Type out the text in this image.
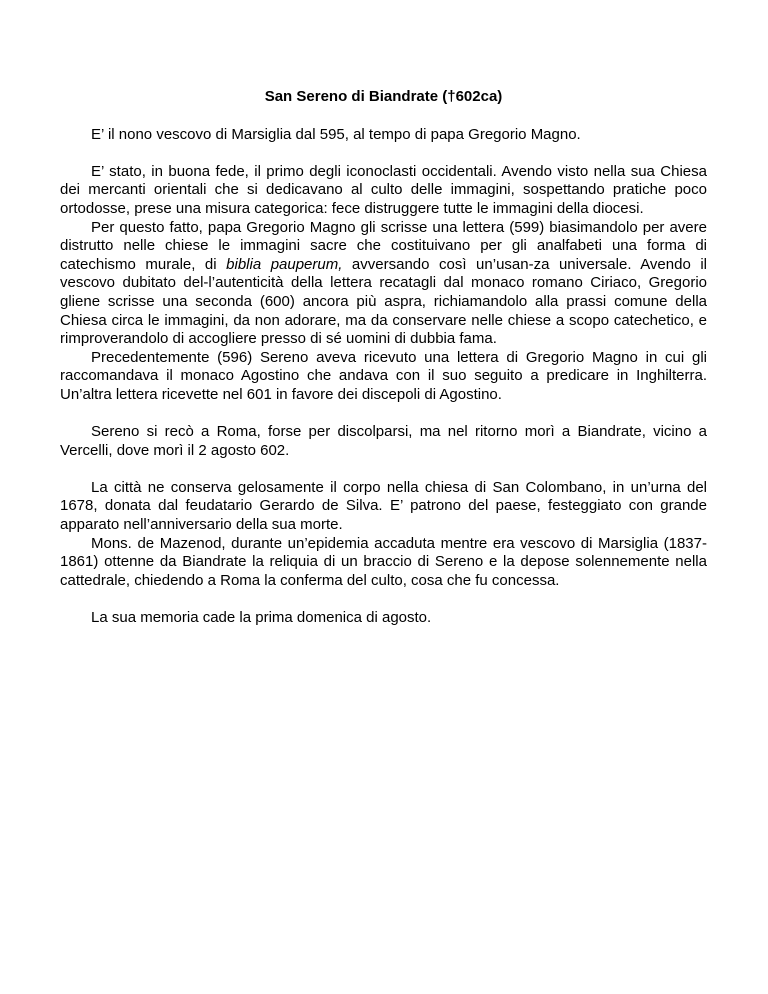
San Sereno di Biandrate (†602ca)

E’ il nono vescovo di Marsiglia dal 595, al tempo di papa Gregorio Magno.

E’ stato, in buona fede, il primo degli iconoclasti occidentali. Avendo visto nella sua Chiesa dei mercanti orientali che si dedicavano al culto delle immagini, sospettando pratiche poco ortodosse, prese una misura categorica: fece distruggere tutte le immagini della diocesi.

Per questo fatto, papa Gregorio Magno gli scrisse una lettera (599) biasimandolo per avere distrutto nelle chiese le immagini sacre che costituivano per gli analfabeti una forma di catechismo murale, di biblia pauperum, avversando così un’usan-za universale. Avendo il vescovo dubitato del-l’autenticità della lettera recatagli dal monaco romano Ciriaco, Gregorio gliene scrisse una seconda (600) ancora più aspra, richiamandolo alla prassi comune della Chiesa circa le immagini, da non adorare, ma da conservare nelle chiese a scopo catechetico, e rimproverandolo di accogliere presso di sé uomini di dubbia fama.

Precedentemente (596) Sereno aveva ricevuto una lettera di Gregorio Magno in cui gli raccomandava il monaco Agostino che andava con il suo seguito a predicare in Inghilterra. Un’altra lettera ricevette nel 601 in favore dei discepoli di Agostino.

Sereno si recò a Roma, forse per discolparsi, ma nel ritorno morì a Biandrate, vicino a Vercelli, dove morì il 2 agosto 602.

La città ne conserva gelosamente il corpo nella chiesa di San Colombano, in un’urna del 1678, donata dal feudatario Gerardo de Silva. E’ patrono del paese, festeggiato con grande apparato nell’anniversario della sua morte.

Mons. de Mazenod, durante un’epidemia accaduta mentre era vescovo di Marsiglia (1837-1861) ottenne da Biandrate la reliquia di un braccio di Sereno e la depose solennemente nella cattedrale, chiedendo a Roma la conferma del culto, cosa che fu concessa.

La sua memoria cade la prima domenica di agosto.
